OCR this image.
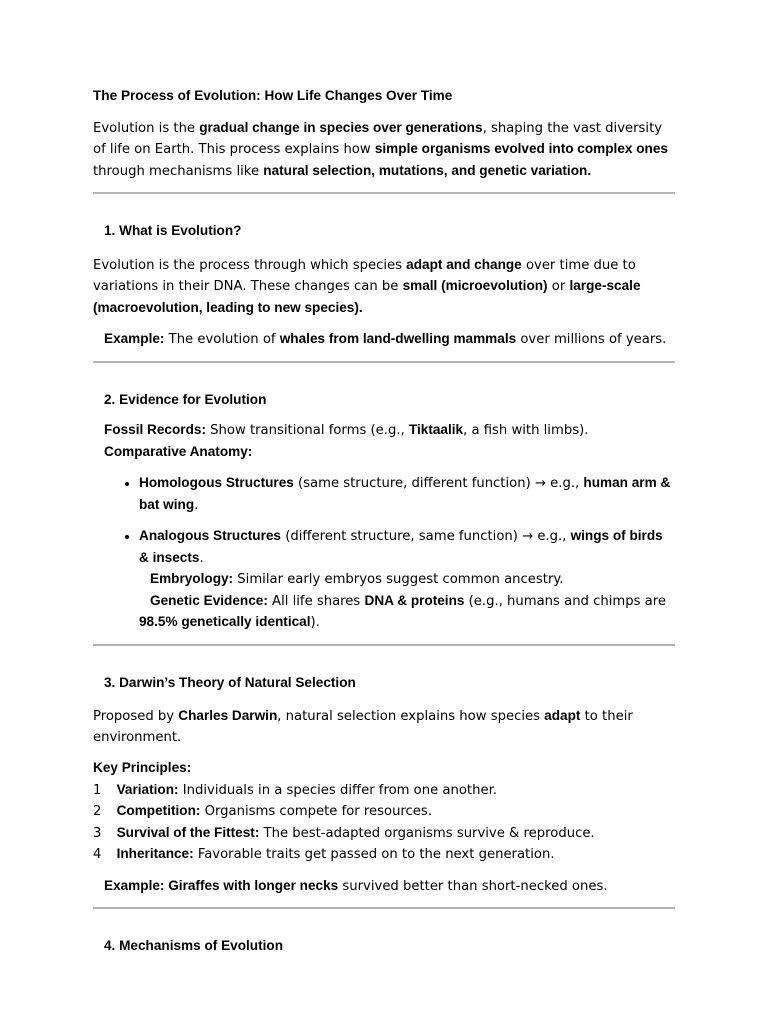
The Process of Evolution: How Life Changes Over Time

Evolution is the gradual change in species over generations, shaping the vast diversity of life on Earth. This process explains how simple organisms evolved into complex ones through mechanisms like natural selection, mutations, and genetic variation.

1. What is Evolution?

Evolution is the process through which species adapt and change over time due to variations in their DNA. These changes can be small (microevolution) or large-scale (macroevolution, leading to new species).

Example: The evolution of whales from land-dwelling mammals over millions of years.

2. Evidence for Evolution

Fossil Records: Show transitional forms (e.g., Tiktaalik, a fish with limbs).
Comparative Anatomy:
• Homologous Structures (same structure, different function) → e.g., human arm & bat wing.
• Analogous Structures (different structure, same function) → e.g., wings of birds & insects.
Embryology: Similar early embryos suggest common ancestry.
Genetic Evidence: All life shares DNA & proteins (e.g., humans and chimps are 98.5% genetically identical).

3. Darwin’s Theory of Natural Selection

Proposed by Charles Darwin, natural selection explains how species adapt to their environment.

Key Principles:
1 Variation: Individuals in a species differ from one another.
2 Competition: Organisms compete for resources.
3 Survival of the Fittest: The best-adapted organisms survive & reproduce.
4 Inheritance: Favorable traits get passed on to the next generation.

Example: Giraffes with longer necks survived better than short-necked ones.

4. Mechanisms of Evolution
